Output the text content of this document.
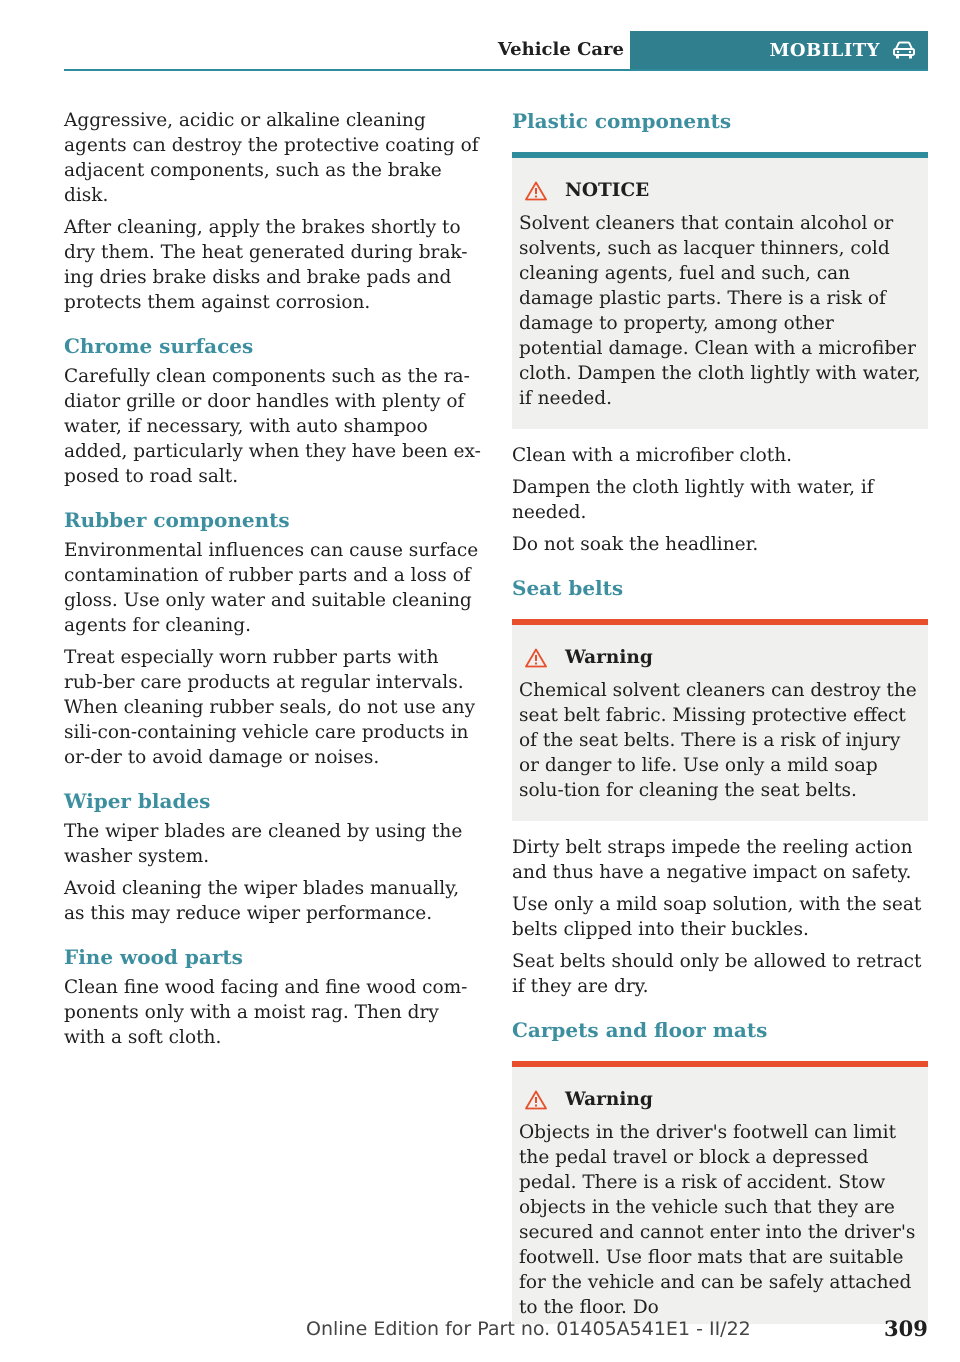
Vehicle Care	MOBILITY

Aggressive, acidic or alkaline cleaning agents can destroy the protective coating of adjacent components, such as the brake disk.

After cleaning, apply the brakes shortly to dry them. The heat generated during brak-ing dries brake disks and brake pads and protects them against corrosion.

Chrome surfaces

Carefully clean components such as the ra-diator grille or door handles with plenty of water, if necessary, with auto shampoo added, particularly when they have been ex-posed to road salt.

Rubber components

Environmental influences can cause surface contamination of rubber parts and a loss of gloss. Use only water and suitable cleaning agents for cleaning.

Treat especially worn rubber parts with rub-ber care products at regular intervals. When cleaning rubber seals, do not use any sili-con-containing vehicle care products in or-der to avoid damage or noises.

Wiper blades

The wiper blades are cleaned by using the washer system.

Avoid cleaning the wiper blades manually, as this may reduce wiper performance.

Fine wood parts

Clean fine wood facing and fine wood com-ponents only with a moist rag. Then dry with a soft cloth.

Plastic components
NOTICE
Solvent cleaners that contain alcohol or solvents, such as lacquer thinners, cold cleaning agents, fuel and such, can damage plastic parts. There is a risk of damage to property, among other potential damage. Clean with a microfiber cloth. Dampen the cloth lightly with water, if needed.

Clean with a microfiber cloth.

Dampen the cloth lightly with water, if needed.

Do not soak the headliner.

Seat belts
Warning
Chemical solvent cleaners can destroy the seat belt fabric. Missing protective effect of the seat belts. There is a risk of injury or danger to life. Use only a mild soap solu-tion for cleaning the seat belts.

Dirty belt straps impede the reeling action and thus have a negative impact on safety.

Use only a mild soap solution, with the seat belts clipped into their buckles.

Seat belts should only be allowed to retract if they are dry.

Carpets and floor mats
Warning
Objects in the driver's footwell can limit the pedal travel or block a depressed pedal. There is a risk of accident. Stow objects in the vehicle such that they are secured and cannot enter into the driver's footwell. Use floor mats that are suitable for the vehicle and can be safely attached to the floor. Do
Online Edition for Part no. 01405A541E1 - II/22	309
